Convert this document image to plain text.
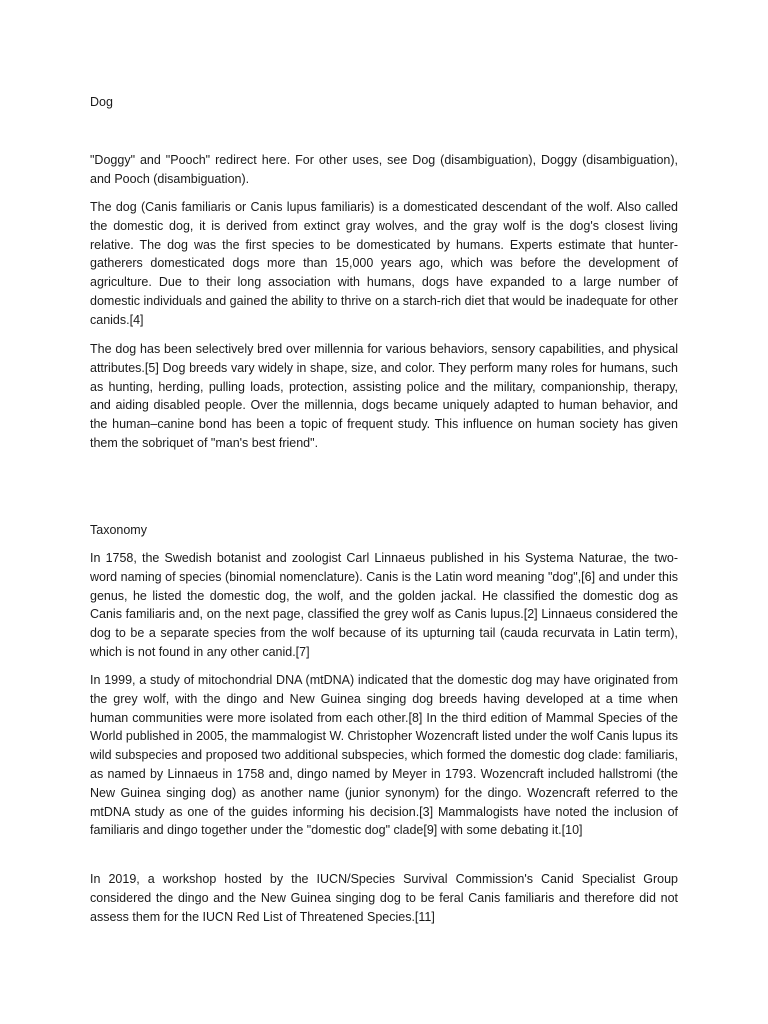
Dog

"Doggy" and "Pooch" redirect here. For other uses, see Dog (disambiguation), Doggy (disambiguation), and Pooch (disambiguation).

The dog (Canis familiaris or Canis lupus familiaris) is a domesticated descendant of the wolf. Also called the domestic dog, it is derived from extinct gray wolves, and the gray wolf is the dog's closest living relative. The dog was the first species to be domesticated by humans. Experts estimate that hunter-gatherers domesticated dogs more than 15,000 years ago, which was before the development of agriculture. Due to their long association with humans, dogs have expanded to a large number of domestic individuals and gained the ability to thrive on a starch-rich diet that would be inadequate for other canids.[4]

The dog has been selectively bred over millennia for various behaviors, sensory capabilities, and physical attributes.[5] Dog breeds vary widely in shape, size, and color. They perform many roles for humans, such as hunting, herding, pulling loads, protection, assisting police and the military, companionship, therapy, and aiding disabled people. Over the millennia, dogs became uniquely adapted to human behavior, and the human–canine bond has been a topic of frequent study. This influence on human society has given them the sobriquet of "man's best friend".

Taxonomy

In 1758, the Swedish botanist and zoologist Carl Linnaeus published in his Systema Naturae, the two-word naming of species (binomial nomenclature). Canis is the Latin word meaning "dog",[6] and under this genus, he listed the domestic dog, the wolf, and the golden jackal. He classified the domestic dog as Canis familiaris and, on the next page, classified the grey wolf as Canis lupus.[2] Linnaeus considered the dog to be a separate species from the wolf because of its upturning tail (cauda recurvata in Latin term), which is not found in any other canid.[7]

In 1999, a study of mitochondrial DNA (mtDNA) indicated that the domestic dog may have originated from the grey wolf, with the dingo and New Guinea singing dog breeds having developed at a time when human communities were more isolated from each other.[8] In the third edition of Mammal Species of the World published in 2005, the mammalogist W. Christopher Wozencraft listed under the wolf Canis lupus its wild subspecies and proposed two additional subspecies, which formed the domestic dog clade: familiaris, as named by Linnaeus in 1758 and, dingo named by Meyer in 1793. Wozencraft included hallstromi (the New Guinea singing dog) as another name (junior synonym) for the dingo. Wozencraft referred to the mtDNA study as one of the guides informing his decision.[3] Mammalogists have noted the inclusion of familiaris and dingo together under the "domestic dog" clade[9] with some debating it.[10]

In 2019, a workshop hosted by the IUCN/Species Survival Commission's Canid Specialist Group considered the dingo and the New Guinea singing dog to be feral Canis familiaris and therefore did not assess them for the IUCN Red List of Threatened Species.[11]
